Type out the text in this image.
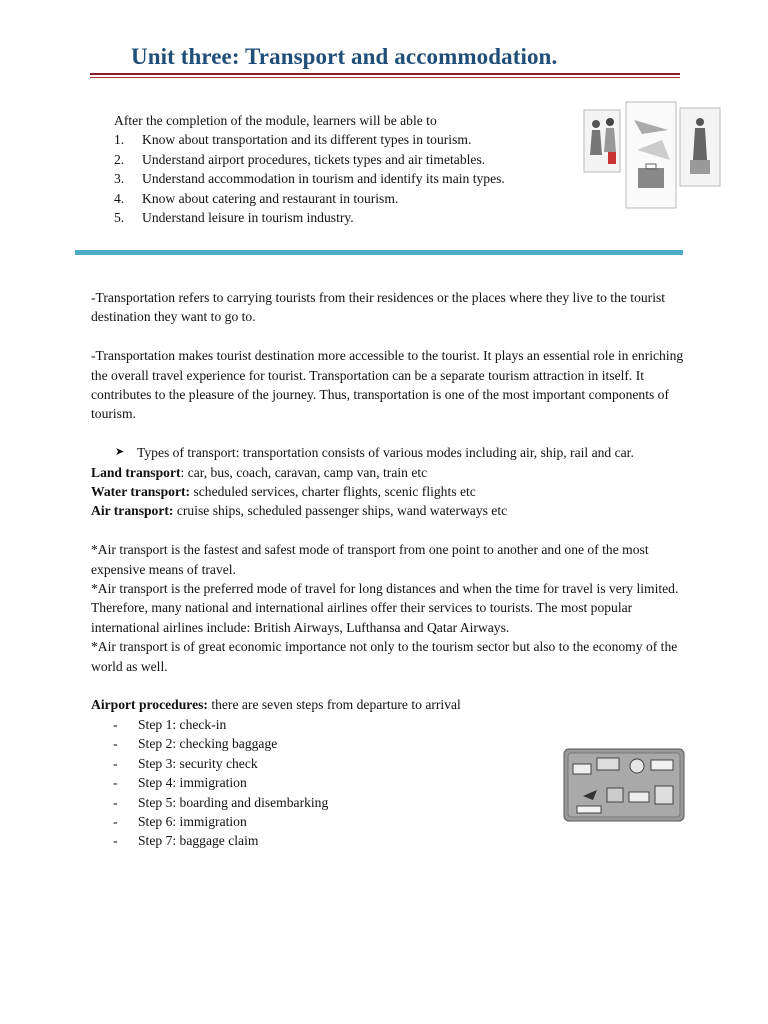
Unit three: Transport and accommodation.

After the completion of the module, learners will be able to

1.	Know about transportation and its different types in tourism.
2.	Understand airport procedures, tickets types and air timetables.
3.	Understand accommodation in tourism and identify its main types.
4.	Know about catering and restaurant in tourism.
5.	Understand leisure in tourism industry.

-Transportation refers to carrying tourists from their residences or the places where they live to the tourist destination they want to go to.

-Transportation makes tourist destination more accessible to the tourist. It plays an essential role in enriching the overall travel experience for tourist. Transportation can be a separate tourism attraction in itself. It contributes to the pleasure of the journey. Thus, transportation is one of the most important components of tourism.

➤ Types of transport: transportation consists of various modes including air, ship, rail and car.

Land transport: car, bus, coach, caravan, camp van, train etc

Water transport: scheduled services, charter flights, scenic flights etc

Air transport: cruise ships, scheduled passenger ships, wand waterways etc

*Air transport is the fastest and safest mode of transport from one point to another and one of the most expensive means of travel.

*Air transport is the preferred mode of travel for long distances and when the time for travel is very limited. Therefore, many national and international airlines offer their services to tourists. The most popular international airlines include: British Airways, Lufthansa and Qatar Airways.

*Air transport is of great economic importance not only to the tourism sector but also to the economy of the world as well.

Airport procedures: there are seven steps from departure to arrival

-	Step 1: check-in
-	Step 2: checking baggage
-	Step 3: security check
-	Step 4: immigration
-	Step 5: boarding and disembarking
-	Step 6: immigration
-	Step 7: baggage claim
